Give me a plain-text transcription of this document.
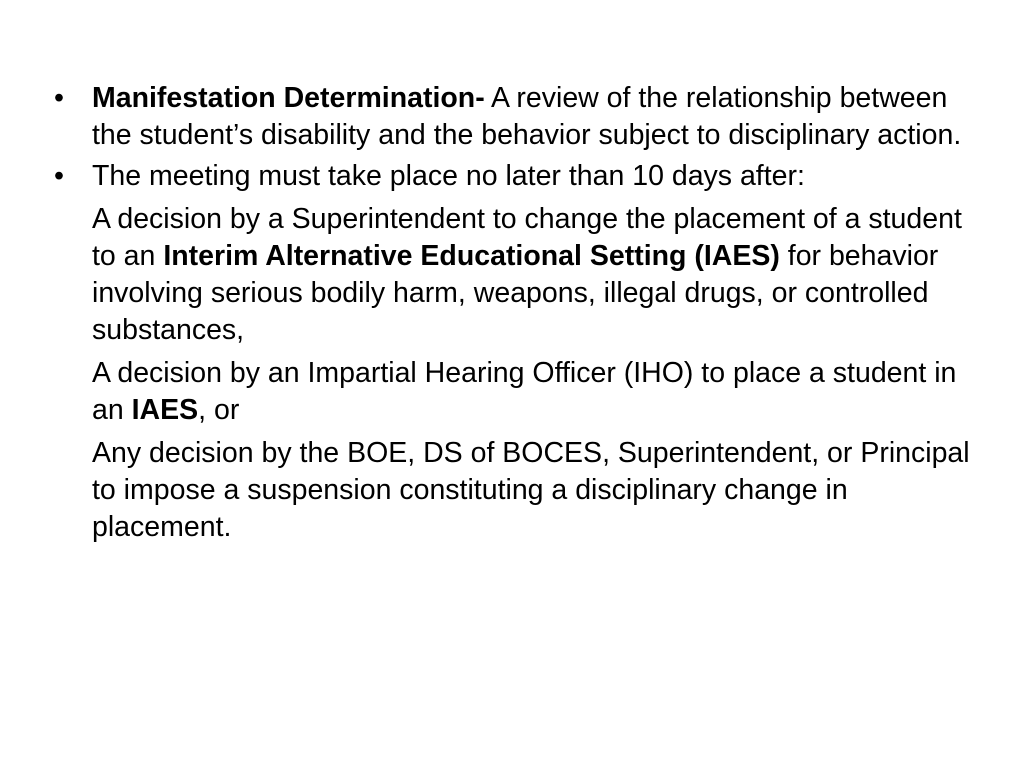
• Manifestation Determination- A review of the relationship between the student’s disability and the behavior subject to disciplinary action.
• The meeting must take place no later than 10 days after:
A decision by a Superintendent to change the placement of a student to an Interim Alternative Educational Setting (IAES) for behavior involving serious bodily harm, weapons, illegal drugs, or controlled substances,
A decision by an Impartial Hearing Officer (IHO) to place a student in an IAES, or
Any decision by the BOE, DS of BOCES, Superintendent, or Principal to impose a suspension constituting a disciplinary change in placement.
